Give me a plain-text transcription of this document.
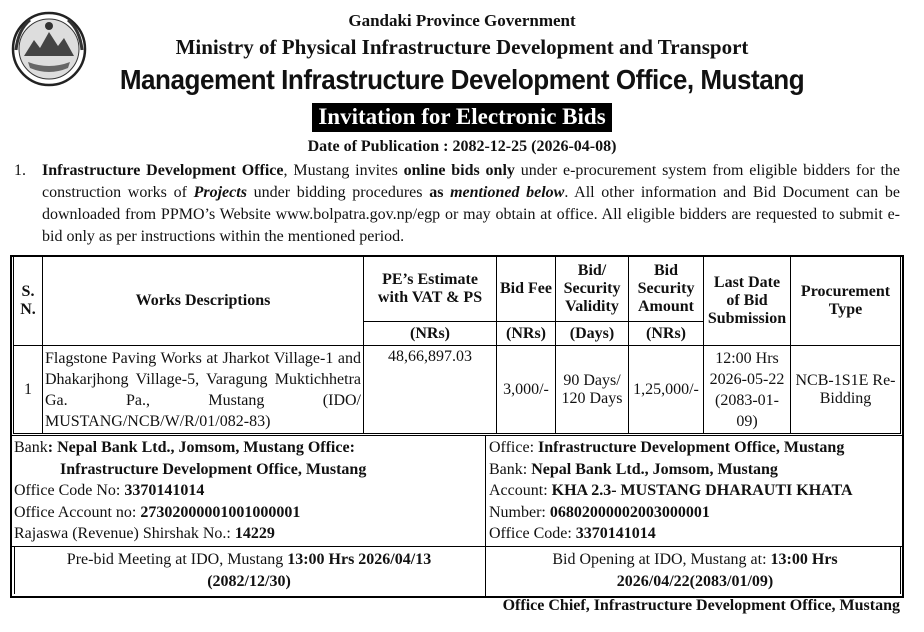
Gandaki Province Government
Ministry of Physical Infrastructure Development and Transport
Management Infrastructure Development Office, Mustang
Invitation for Electronic Bids
Date of Publication : 2082-12-25 (2026-04-08)
1. Infrastructure Development Office, Mustang invites online bids only under e-procurement system from eligible bidders for the construction works of Projects under bidding procedures as mentioned below. All other information and Bid Document can be downloaded from PPMO’s Website www.bolpatra.gov.np/egp or may obtain at office. All eligible bidders are requested to submit e-bid only as per instructions within the mentioned period.
S. N.	Works Descriptions	PE’s Estimate with VAT & PS	Bid Fee	Bid/ Security Validity	Bid Security Amount	Last Date of Bid Submission	Procurement Type
		(NRs)	(NRs)	(Days)	(NRs)		
1	Flagstone Paving Works at Jharkot Village-1 and Dhakarjhong Village-5, Varagung Muktichhetra Ga. Pa., Mustang (IDO/ MUSTANG/NCB/W/R/01/082-83)	48,66,897.03	3,000/-	90 Days/ 120 Days	1,25,000/-	12:00 Hrs 2026-05-22 (2083-01-09)	NCB-1S1E Re-Bidding
Bank: Nepal Bank Ltd., Jomsom, Mustang Office:
Infrastructure Development Office, Mustang
Office Code No: 3370141014
Office Account no: 27302000001001000001
Rajaswa (Revenue) Shirshak No.: 14229
Office: Infrastructure Development Office, Mustang
Bank: Nepal Bank Ltd., Jomsom, Mustang
Account: KHA 2.3- MUSTANG DHARAUTI KHATA
Number: 06802000002003000001
Office Code: 3370141014
Pre-bid Meeting at IDO, Mustang 13:00 Hrs 2026/04/13
(2082/12/30)
Bid Opening at IDO, Mustang at: 13:00 Hrs
2026/04/22(2083/01/09)
Office Chief, Infrastructure Development Office, Mustang
